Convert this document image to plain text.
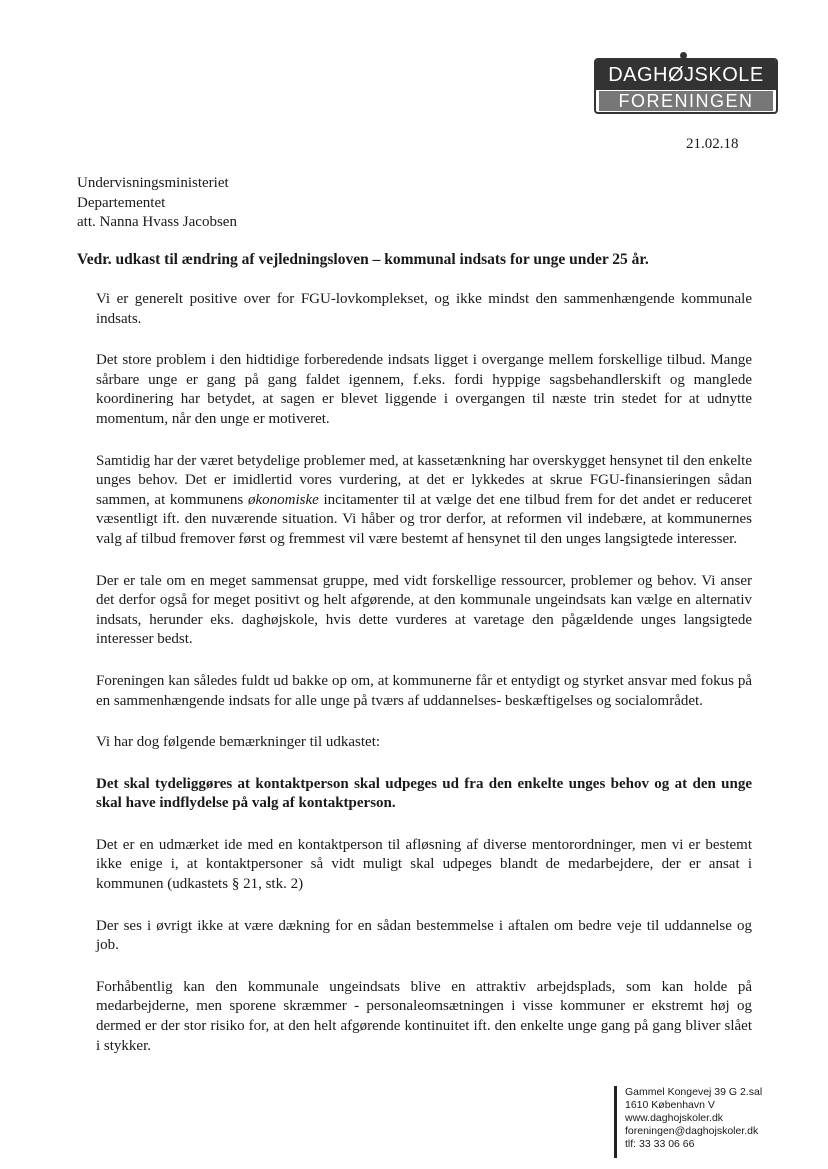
DAGHØJSKOLE
FORENINGEN
21.02.18
Undervisningsministeriet
Departementet
att. Nanna Hvass Jacobsen
Vedr. udkast til ændring af vejledningsloven – kommunal indsats for unge under 25 år.

Vi er generelt positive over for FGU-lovkomplekset, og ikke mindst den sammenhængende kommunale indsats.

Det store problem i den hidtidige forberedende indsats ligget i overgange mellem forskellige tilbud. Mange sårbare unge er gang på gang faldet igennem, f.eks. fordi hyppige sagsbehandlerskift og manglede koordinering har betydet, at sagen er blevet liggende i overgangen til næste trin stedet for at udnytte momentum, når den unge er motiveret.

Samtidig har der været betydelige problemer med, at kassetænkning har overskygget hensynet til den enkelte unges behov. Det er imidlertid vores vurdering, at det er lykkedes at skrue FGU-finansieringen sådan sammen, at kommunens økonomiske incitamenter til at vælge det ene tilbud frem for det andet er reduceret væsentligt ift. den nuværende situation. Vi håber og tror derfor, at reformen vil indebære, at kommunernes valg af tilbud fremover først og fremmest vil være bestemt af hensynet til den unges langsigtede interesser.

Der er tale om en meget sammensat gruppe, med vidt forskellige ressourcer, problemer og behov. Vi anser det derfor også for meget positivt og helt afgørende, at den kommunale ungeindsats kan vælge en alternativ indsats, herunder eks. daghøjskole, hvis dette vurderes at varetage den pågældende unges langsigtede interesser bedst.

Foreningen kan således fuldt ud bakke op om, at kommunerne får et entydigt og styrket ansvar med fokus på en sammenhængende indsats for alle unge på tværs af uddannelses- beskæftigelses og socialområdet.

Vi har dog følgende bemærkninger til udkastet:

Det skal tydeliggøres at kontaktperson skal udpeges ud fra den enkelte unges behov og at den unge skal have indflydelse på valg af kontaktperson.

Det er en udmærket ide med en kontaktperson til afløsning af diverse mentorordninger, men vi er bestemt ikke enige i, at kontaktpersoner så vidt muligt skal udpeges blandt de medarbejdere, der er ansat i kommunen (udkastets § 21, stk. 2)

Der ses i øvrigt ikke at være dækning for en sådan bestemmelse i aftalen om bedre veje til uddannelse og job.

Forhåbentlig kan den kommunale ungeindsats blive en attraktiv arbejdsplads, som kan holde på medarbejderne, men sporene skræmmer - personaleomsætningen i visse kommuner er ekstremt høj og dermed er der stor risiko for, at den helt afgørende kontinuitet ift. den enkelte unge gang på gang bliver slået i stykker.

Gammel Kongevej 39 G 2.sal
1610 København V
www.daghojskoler.dk
foreningen@daghojskoler.dk
tlf: 33 33 06 66
